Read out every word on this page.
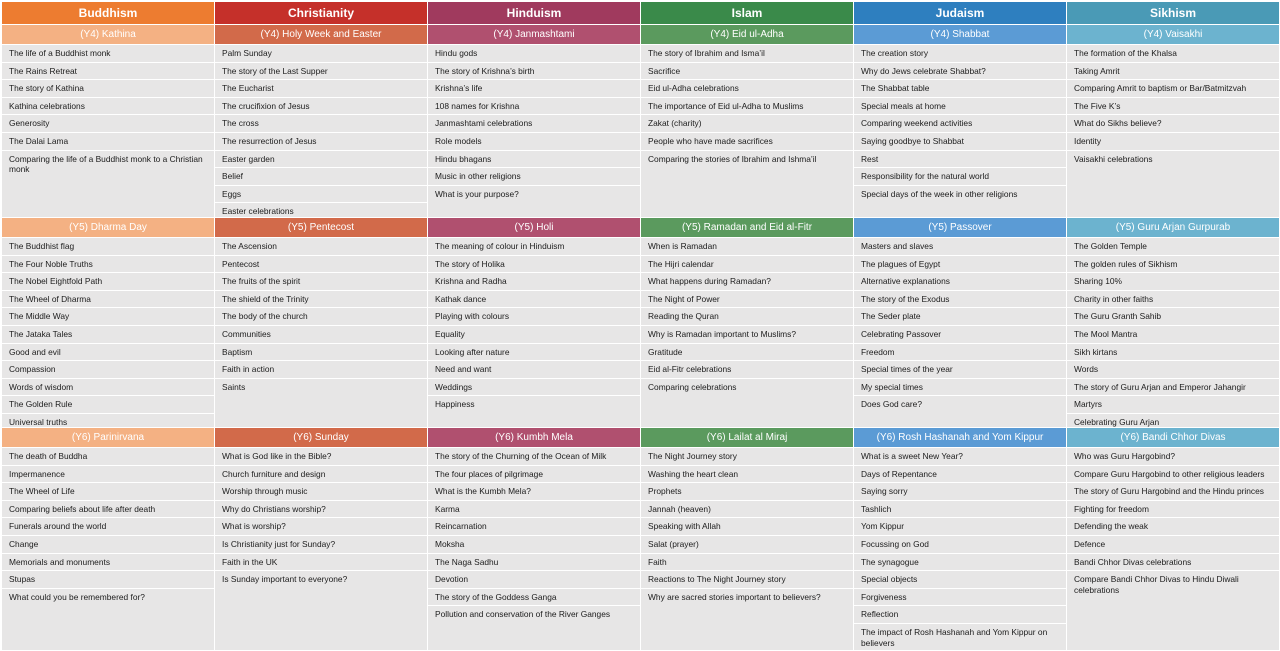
Buddhism
(Y4) Kathina
The life of a Buddhist monk
The Rains Retreat
The story of Kathina
Kathina celebrations
Generosity
The Dalai Lama
Comparing the life of a Buddhist monk to a Christian monk
(Y5) Dharma Day
The Buddhist flag
The Four Noble Truths
The Nobel Eightfold Path
The Wheel of Dharma
The Middle Way
The Jataka Tales
Good and evil
Compassion
Words of wisdom
The Golden Rule
Universal truths
(Y6) Parinirvana
The death of Buddha
Impermanence
The Wheel of Life
Comparing beliefs about life after death
Funerals around the world
Change
Memorials and monuments
Stupas
What could you be remembered for?
Christianity
(Y4) Holy Week and Easter
Palm Sunday
The story of the Last Supper
The Eucharist
The crucifixion of Jesus
The cross
The resurrection of Jesus
Easter garden
Belief
Eggs
Easter celebrations
(Y5) Pentecost
The Ascension
Pentecost
The fruits of the spirit
The shield of the Trinity
The body of the church
Communities
Baptism
Faith in action
Saints
(Y6) Sunday
What is God like in the Bible?
Church furniture and design
Worship through music
Why do Christians worship?
What is worship?
Is Christianity just for Sunday?
Faith in the UK
Is Sunday important to everyone?
Hinduism
(Y4) Janmashtami
Hindu gods
The story of Krishna’s birth
Krishna’s life
108 names for Krishna
Janmashtami celebrations
Role models
Hindu bhagans
Music in other religions
What is your purpose?
(Y5) Holi
The meaning of colour in Hinduism
The story of Holika
Krishna and Radha
Kathak dance
Playing with colours
Equality
Looking after nature
Need and want
Weddings
Happiness
(Y6) Kumbh Mela
The story of the Churning of the Ocean of Milk
The four places of pilgrimage
What is the Kumbh Mela?
Karma
Reincarnation
Moksha
The Naga Sadhu
Devotion
The story of the Goddess Ganga
Pollution and conservation of the River Ganges
Islam
(Y4) Eid ul-Adha
The story of Ibrahim and Isma’il
Sacrifice
Eid ul-Adha celebrations
The importance of Eid ul-Adha to Muslims
Zakat (charity)
People who have made sacrifices
Comparing the stories of Ibrahim and Ishma’il
(Y5) Ramadan and Eid al-Fitr
When is Ramadan
The Hijri calendar
What happens during Ramadan?
The Night of Power
Reading the Quran
Why is Ramadan important to Muslims?
Gratitude
Eid al-Fitr celebrations
Comparing celebrations
(Y6) Lailat al Miraj
The Night Journey story
Washing the heart clean
Prophets
Jannah (heaven)
Speaking with Allah
Salat (prayer)
Faith
Reactions to The Night Journey story
Why are sacred stories important to believers?
Judaism
(Y4) Shabbat
The creation story
Why do Jews celebrate Shabbat?
The Shabbat table
Special meals at home
Comparing weekend activities
Saying goodbye to Shabbat
Rest
Responsibility for the natural world
Special days of the week in other religions
(Y5) Passover
Masters and slaves
The plagues of Egypt
Alternative explanations
The story of the Exodus
The Seder plate
Celebrating Passover
Freedom
Special times of the year
My special times
Does God care?
(Y6) Rosh Hashanah and Yom Kippur
What is a sweet New Year?
Days of Repentance
Saying sorry
Tashlich
Yom Kippur
Focussing on God
The synagogue
Special objects
Forgiveness
Reflection
The impact of Rosh Hashanah and Yom Kippur on believers
Sikhism
(Y4) Vaisakhi
The formation of the Khalsa
Taking Amrit
Comparing Amrit to baptism or Bar/Batmitzvah
The Five K’s
What do Sikhs believe?
Identity
Vaisakhi celebrations
(Y5) Guru Arjan Gurpurab
The Golden Temple
The golden rules of Sikhism
Sharing 10%
Charity in other faiths
The Guru Granth Sahib
The Mool Mantra
Sikh kirtans
Words
The story of Guru Arjan and Emperor Jahangir
Martyrs
Celebrating Guru Arjan
(Y6) Bandi Chhor Divas
Who was Guru Hargobind?
Compare Guru Hargobind to other religious leaders
The story of Guru Hargobind and the Hindu princes
Fighting for freedom
Defending the weak
Defence
Bandi Chhor Divas celebrations
Compare Bandi Chhor Divas to Hindu Diwali celebrations
